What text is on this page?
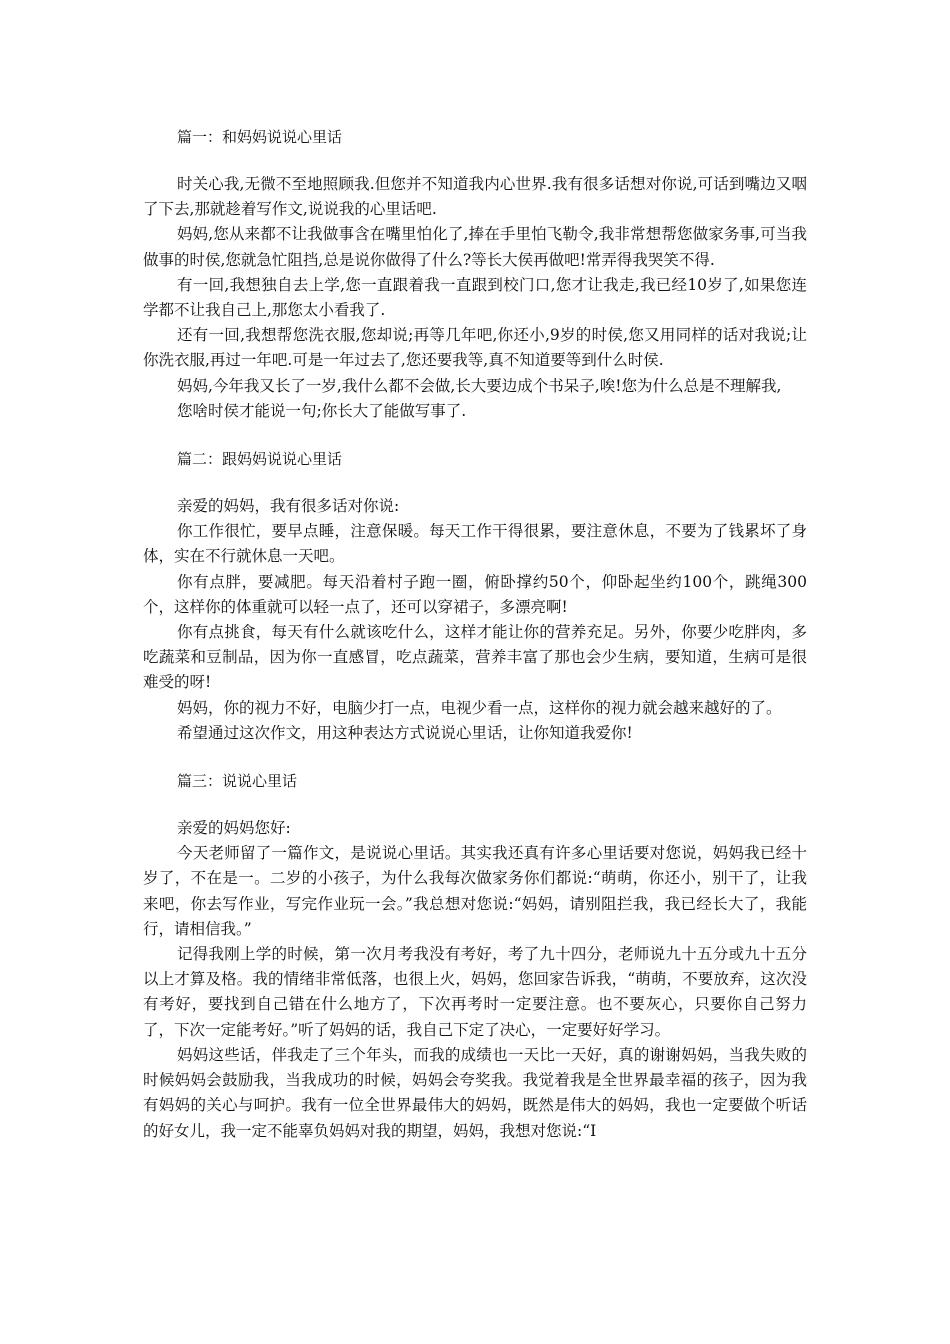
篇一：和妈妈说说心里话

时关心我,无微不至地照顾我.但您并不知道我内心世界.我有很多话想对你说,可话到嘴边又咽了下去,那就趁着写作文,说说我的心里话吧.

妈妈,您从来都不让我做事含在嘴里怕化了,捧在手里怕飞勒令,我非常想帮您做家务事,可当我做事的时侯,您就急忙阻挡,总是说你做得了什么?等长大侯再做吧!常弄得我哭笑不得.

有一回,我想独自去上学,您一直跟着我一直跟到校门口,您才让我走,我已经10岁了,如果您连学都不让我自己上,那您太小看我了.

还有一回,我想帮您洗衣服,您却说;再等几年吧,你还小,9岁的时侯,您又用同样的话对我说;让你洗衣服,再过一年吧.可是一年过去了,您还要我等,真不知道要等到什么时侯.

妈妈,今年我又长了一岁,我什么都不会做,长大要边成个书呆子,唉!您为什么总是不理解我,

您啥时侯才能说一句;你长大了能做写事了.

篇二：跟妈妈说说心里话

亲爱的妈妈，我有很多话对你说:

你工作很忙，要早点睡，注意保暖。每天工作干得很累，要注意休息，不要为了钱累坏了身体，实在不行就休息一天吧。

你有点胖，要减肥。每天沿着村子跑一圈，俯卧撑约50个，仰卧起坐约100个，跳绳300个，这样你的体重就可以轻一点了，还可以穿裙子，多漂亮啊!

你有点挑食，每天有什么就该吃什么，这样才能让你的营养充足。另外，你要少吃胖肉，多吃蔬菜和豆制品，因为你一直感冒，吃点蔬菜，营养丰富了那也会少生病，要知道，生病可是很难受的呀!

妈妈，你的视力不好，电脑少打一点，电视少看一点，这样你的视力就会越来越好的了。

希望通过这次作文，用这种表达方式说说心里话，让你知道我爱你!

篇三：说说心里话

亲爱的妈妈您好:

今天老师留了一篇作文，是说说心里话。其实我还真有许多心里话要对您说，妈妈我已经十岁了，不在是一。二岁的小孩子，为什么我每次做家务你们都说:“萌萌，你还小，别干了，让我来吧，你去写作业，写完作业玩一会。”我总想对您说:“妈妈，请别阻拦我，我已经长大了，我能行，请相信我。”

记得我刚上学的时候，第一次月考我没有考好，考了九十四分，老师说九十五分或九十五分以上才算及格。我的情绪非常低落，也很上火，妈妈，您回家告诉我，“萌萌，不要放弃，这次没有考好，要找到自己错在什么地方了，下次再考时一定要注意。也不要灰心，只要你自己努力了，下次一定能考好。”听了妈妈的话，我自己下定了决心，一定要好好学习。

妈妈这些话，伴我走了三个年头，而我的成绩也一天比一天好，真的谢谢妈妈，当我失败的时候妈妈会鼓励我，当我成功的时候，妈妈会夸奖我。我觉着我是全世界最幸福的孩子，因为我有妈妈的关心与呵护。我有一位全世界最伟大的妈妈，既然是伟大的妈妈，我也一定要做个听话的好女儿，我一定不能辜负妈妈对我的期望，妈妈，我想对您说:“I
